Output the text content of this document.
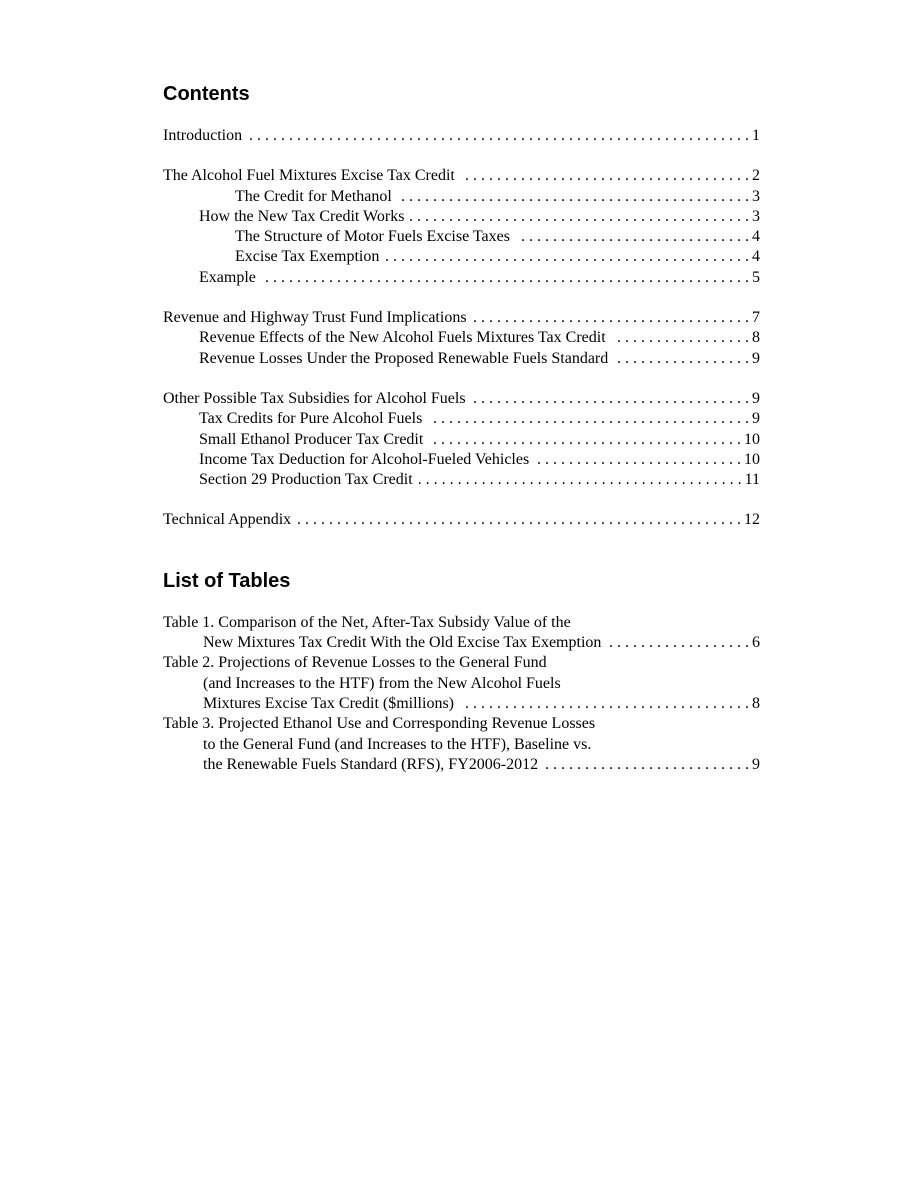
Contents
Introduction . . .	1
The Alcohol Fuel Mixtures Excise Tax Credit . . .	2
The Credit for Methanol . . .	3
How the New Tax Credit Works . . .	3
The Structure of Motor Fuels Excise Taxes . . .	4
Excise Tax Exemption . . .	4
Example . . .	5
Revenue and Highway Trust Fund Implications . . .	7
Revenue Effects of the New Alcohol Fuels Mixtures Tax Credit . . .	8
Revenue Losses Under the Proposed Renewable Fuels Standard . . .	9
Other Possible Tax Subsidies for Alcohol Fuels . . .	9
Tax Credits for Pure Alcohol Fuels . . .	9
Small Ethanol Producer Tax Credit . . .	10
Income Tax Deduction for Alcohol-Fueled Vehicles . . .	10
Section 29 Production Tax Credit . . .	11
Technical Appendix . . .	12
List of Tables
Table 1. Comparison of the Net, After-Tax Subsidy Value of the
New Mixtures Tax Credit With the Old Excise Tax Exemption . . .	6
Table 2. Projections of Revenue Losses to the General Fund
(and Increases to the HTF) from the New Alcohol Fuels
Mixtures Excise Tax Credit ($millions) . . .	8
Table 3. Projected Ethanol Use and Corresponding Revenue Losses
to the General Fund (and Increases to the HTF), Baseline vs.
the Renewable Fuels Standard (RFS), FY2006-2012 . . .	9
